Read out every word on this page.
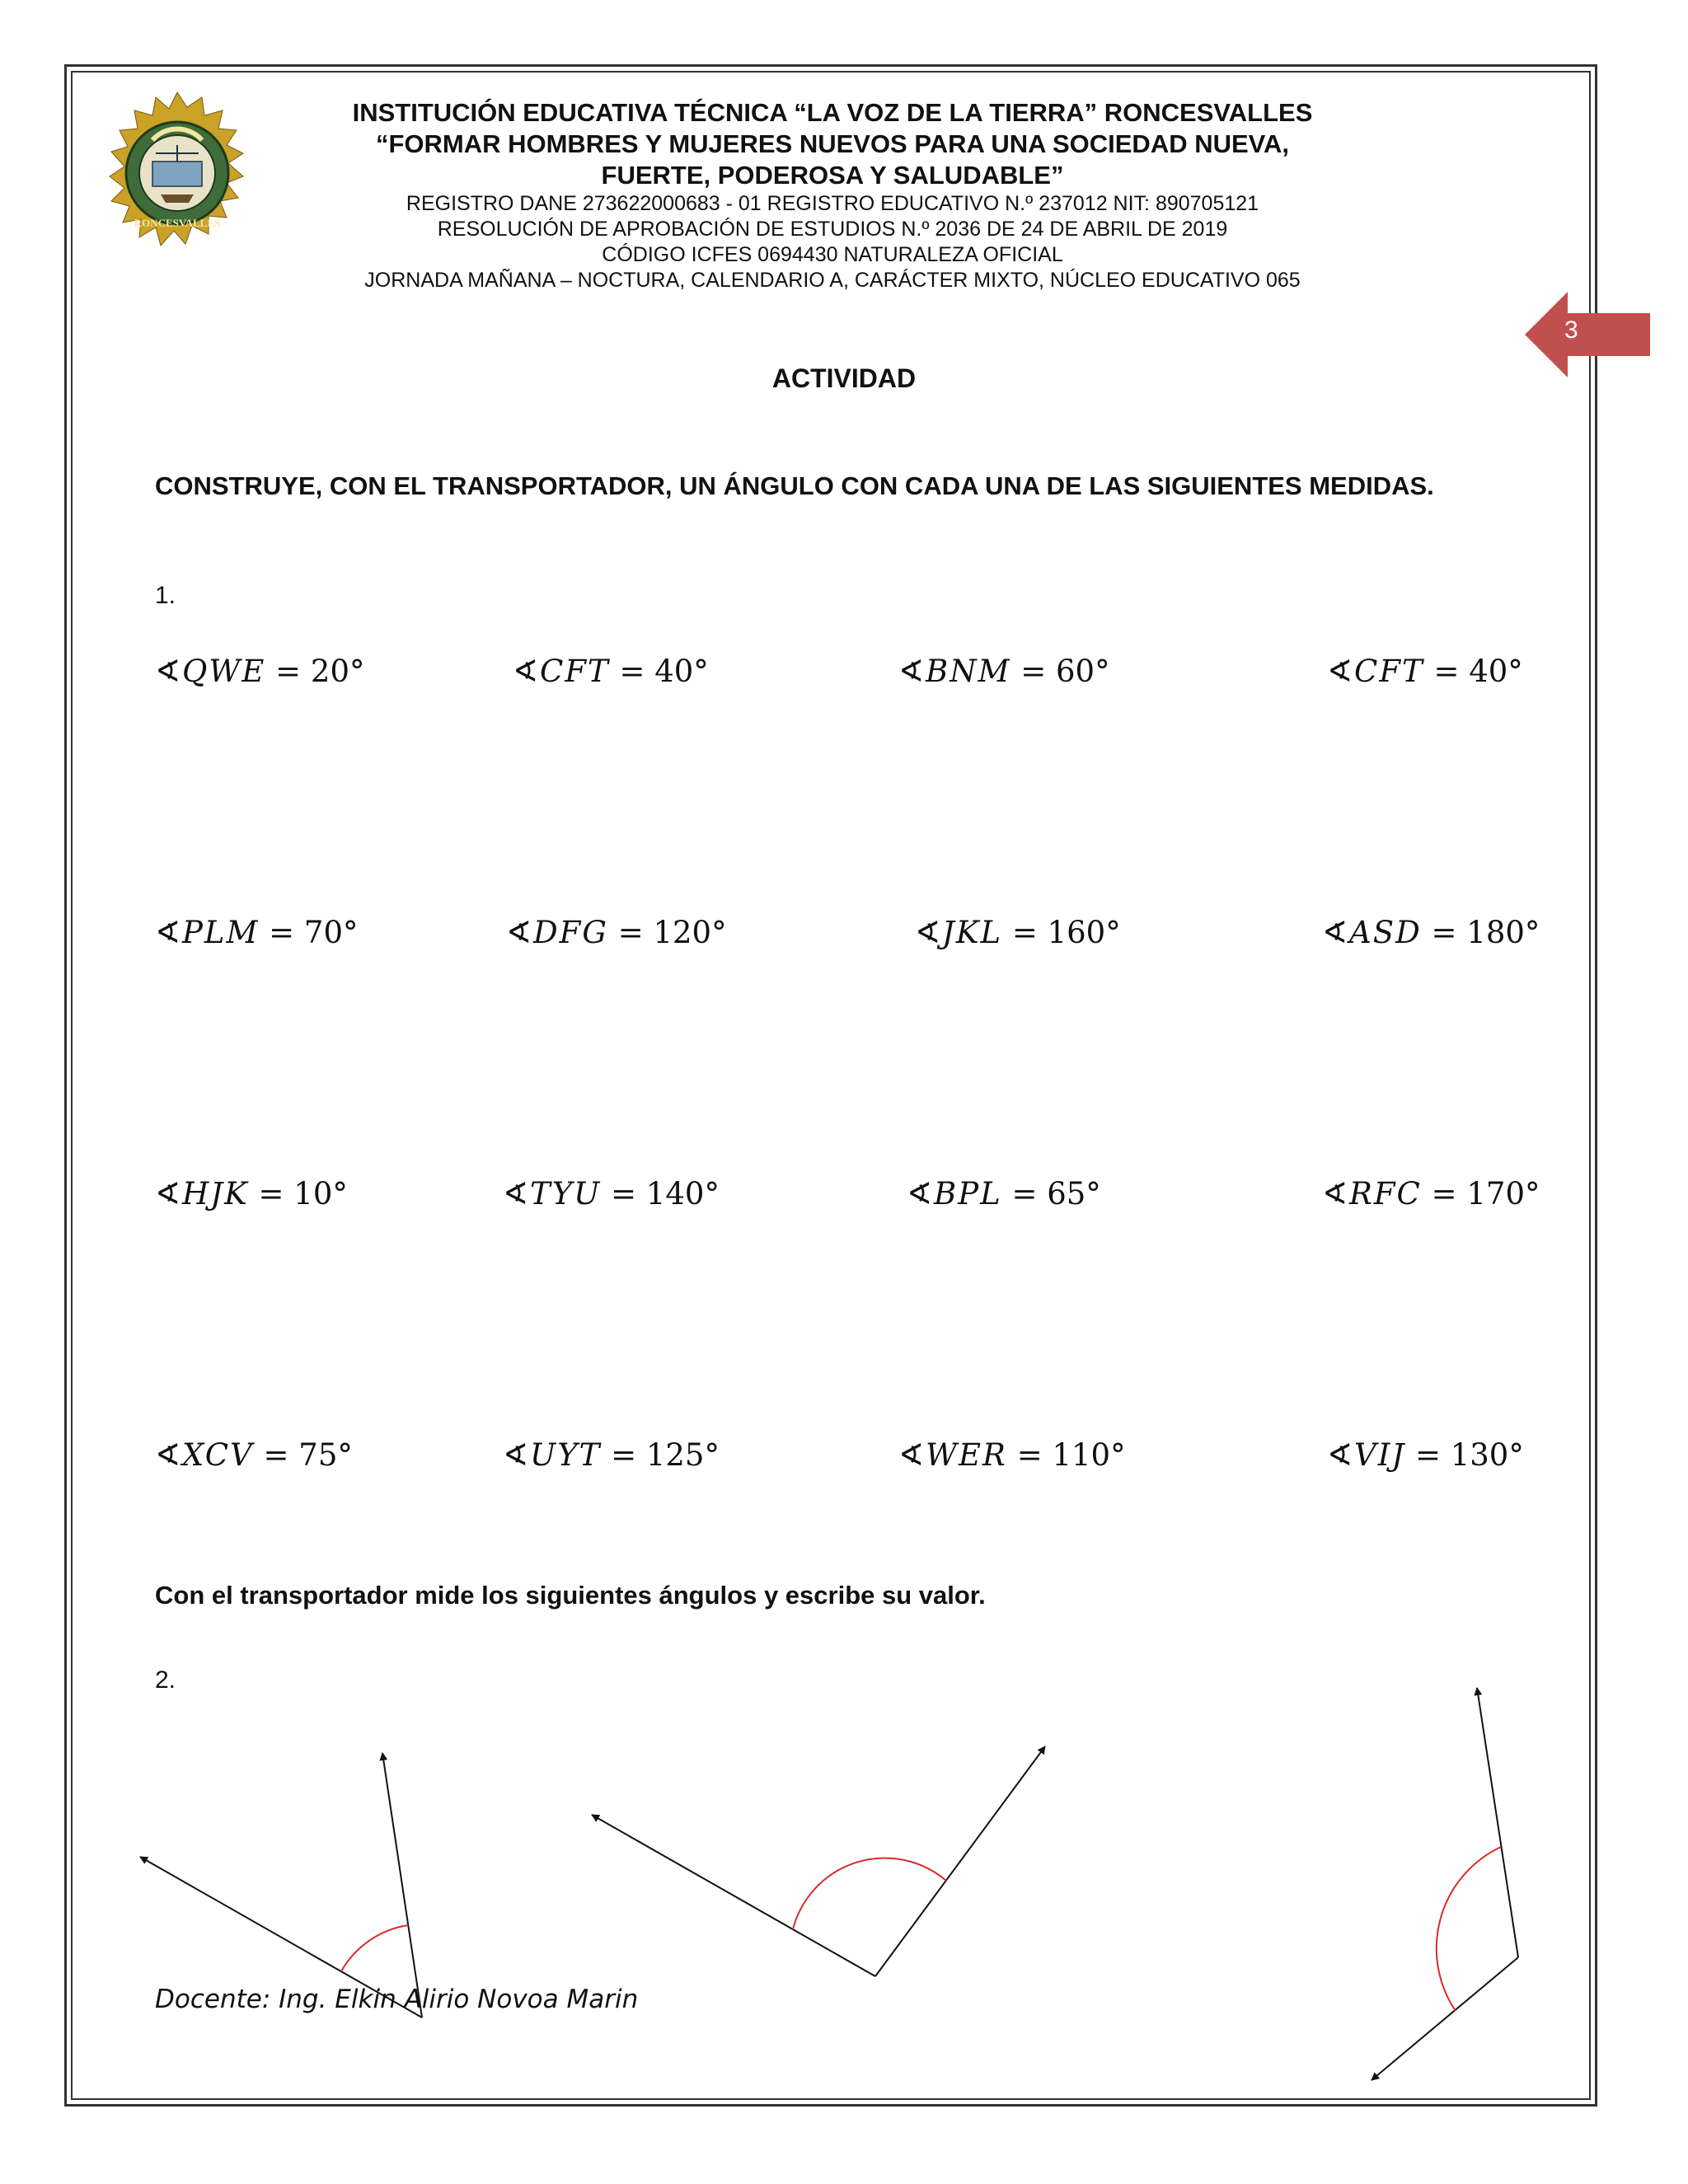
RONCESVALLES
INSTITUCIÓN EDUCATIVA TÉCNICA “LA VOZ DE LA TIERRA” RONCESVALLES
“FORMAR HOMBRES Y MUJERES NUEVOS PARA UNA SOCIEDAD NUEVA,
FUERTE, PODEROSA Y SALUDABLE”
REGISTRO DANE 273622000683 - 01 REGISTRO EDUCATIVO N.º 237012 NIT: 890705121
RESOLUCIÓN DE APROBACIÓN DE ESTUDIOS N.º 2036 DE 24 DE ABRIL DE 2019
CÓDIGO ICFES 0694430 NATURALEZA OFICIAL
JORNADA MAÑANA – NOCTURA, CALENDARIO A, CARÁCTER MIXTO, NÚCLEO EDUCATIVO 065
3
ACTIVIDAD
CONSTRUYE, CON EL TRANSPORTADOR, UN ÁNGULO CON CADA UNA DE LAS SIGUIENTES MEDIDAS.
1.
∢QWE = 20°	∢CFT = 40°	∢BNM = 60°	∢CFT = 40°
∢PLM = 70°	∢DFG = 120°	∢JKL = 160°	∢ASD = 180°
∢HJK = 10°	∢TYU = 140°	∢BPL = 65°	∢RFC = 170°
∢XCV = 75°	∢UYT = 125°	∢WER = 110°	∢VIJ = 130°
Con el transportador mide los siguientes ángulos y escribe su valor.
2.
Docente: Ing. Elkin Alirio Novoa Marin
